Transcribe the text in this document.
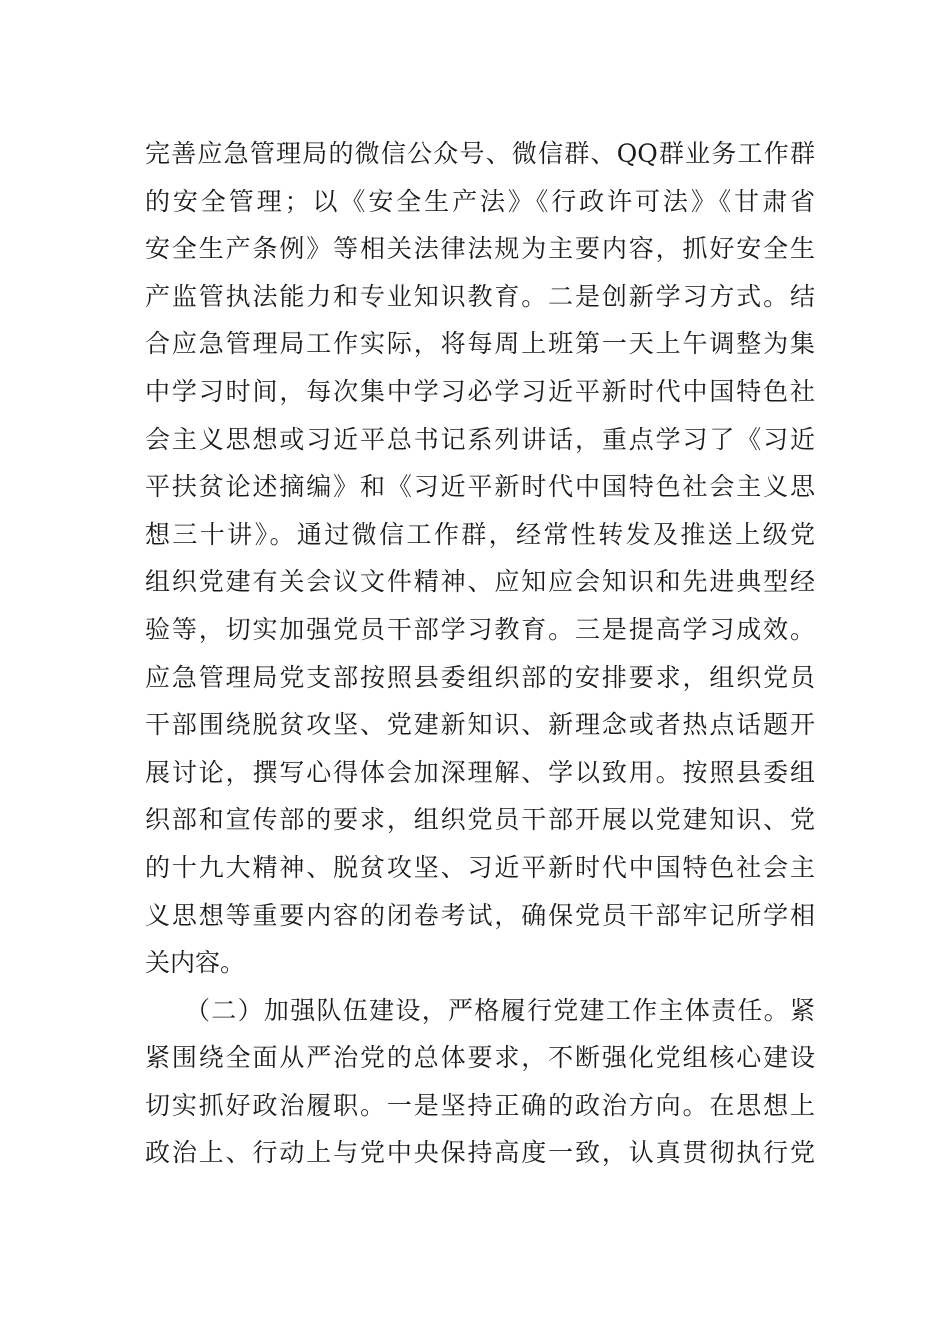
完善应急管理局的微信公众号、微信群、QQ群业务工作群
的安全管理；以《安全生产法》《行政许可法》《甘肃省
安全生产条例》等相关法律法规为主要内容，抓好安全生
产监管执法能力和专业知识教育。二是创新学习方式。结
合应急管理局工作实际，将每周上班第一天上午调整为集
中学习时间，每次集中学习必学习近平新时代中国特色社
会主义思想或习近平总书记系列讲话，重点学习了《习近
平扶贫论述摘编》和《习近平新时代中国特色社会主义思
想三十讲》。通过微信工作群，经常性转发及推送上级党
组织党建有关会议文件精神、应知应会知识和先进典型经
验等，切实加强党员干部学习教育。三是提高学习成效。
应急管理局党支部按照县委组织部的安排要求，组织党员
干部围绕脱贫攻坚、党建新知识、新理念或者热点话题开
展讨论，撰写心得体会加深理解、学以致用。按照县委组
织部和宣传部的要求，组织党员干部开展以党建知识、党
的十九大精神、脱贫攻坚、习近平新时代中国特色社会主
义思想等重要内容的闭卷考试，确保党员干部牢记所学相
关内容。
（二）加强队伍建设，严格履行党建工作主体责任。紧
紧围绕全面从严治党的总体要求，不断强化党组核心建设
切实抓好政治履职。一是坚持正确的政治方向。在思想上
政治上、行动上与党中央保持高度一致，认真贯彻执行党
